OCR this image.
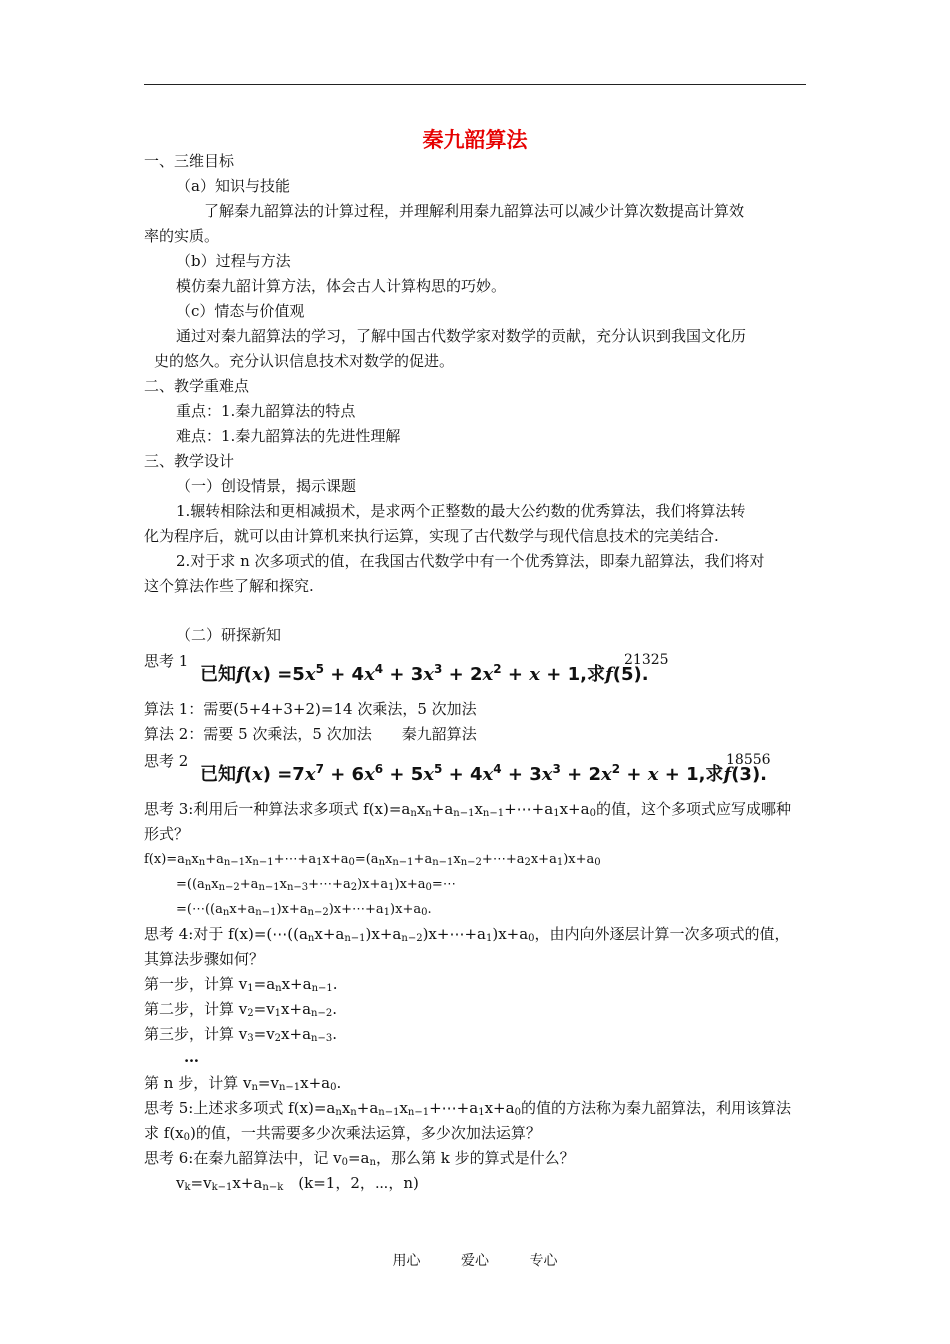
秦九韶算法
一、三维目标
（a）知识与技能
了解秦九韶算法的计算过程，并理解利用秦九韶算法可以减少计算次数提高计算效
率的实质。
（b）过程与方法
模仿秦九韶计算方法，体会古人计算构思的巧妙。
（c）情态与价值观
通过对秦九韶算法的学习，了解中国古代数学家对数学的贡献，充分认识到我国文化历
史的悠久。充分认识信息技术对数学的促进。
二、教学重难点
重点：1.秦九韶算法的特点
难点：1.秦九韶算法的先进性理解
三、教学设计
（一）创设情景，揭示课题
1.辗转相除法和更相减损术，是求两个正整数的最大公约数的优秀算法，我们将算法转
化为程序后，就可以由计算机来执行运算，实现了古代数学与现代信息技术的完美结合.
2.对于求 n 次多项式的值，在我国古代数学中有一个优秀算法，即秦九韶算法，我们将对
这个算法作些了解和探究.
（二）研探新知
思考 1
已知$f(x) =5x^5 + 4x^4 + 3x^3 + 2x^2 + x + 1$,求f(5).
21325
算法 1：需要(5+4+3+2)=14 次乘法，5 次加法
算法 2：需要 5 次乘法，5 次加法　　秦九韶算法
思考 2
已知$f(x) =7x^7 + 6x^6 + 5x^5 + 4x^4 + 3x^3 + 2x^2 + x + 1$,求f(3).
18556
思考 3:利用后一种算法求多项式 $f(x)=a_nx_n+a_{n-1}x_{n-1}+\cdots+a_1x+a_0$的值，这个多项式应写成哪种
形式？
$f(x)=a_nx_n+a_{n-1}x_{n-1}+\cdots+a_1x+a_0=(a_nx_{n-1}+a_{n-1}x_{n-2}+\cdots+a_2x+a_1)x+a_0$
$=((a_nx_{n-2}+a_{n-1}x_{n-3}+\cdots+a_2)x+a_1)x+a_0=\cdots$
$=(\cdots((a_nx+a_{n-1})x+a_{n-2})x+\cdots+a_1)x+a_0$.
思考 4:对于 $f(x)=(\cdots((a_nx+a_{n-1})x+a_{n-2})x+\cdots+a_1)x+a_0$，由内向外逐层计算一次多项式的值，
其算法步骤如何？
第一步，计算 $v_1=a_nx+a_{n-1}$.
第二步，计算 $v_2=v_1x+a_{n-2}$.
第三步，计算 $v_3=v_2x+a_{n-3}$.
…
第 n 步，计算 $v_n=v_{n-1}x+a_0$.
思考 5:上述求多项式 $f(x)=a_nx_n+a_{n-1}x_{n-1}+\cdots+a_1x+a_0$的值的方法称为秦九韶算法，利用该算法
求 $f(x_0)$的值，一共需要多少次乘法运算，多少次加法运算？
思考 6:在秦九韶算法中，记 $v_0=a_n$，那么第 k 步的算式是什么？
$v_k=v_{k-1}x+a_{n-k}$　(k=1，2，⋯，n)
用心	爱心	专心
